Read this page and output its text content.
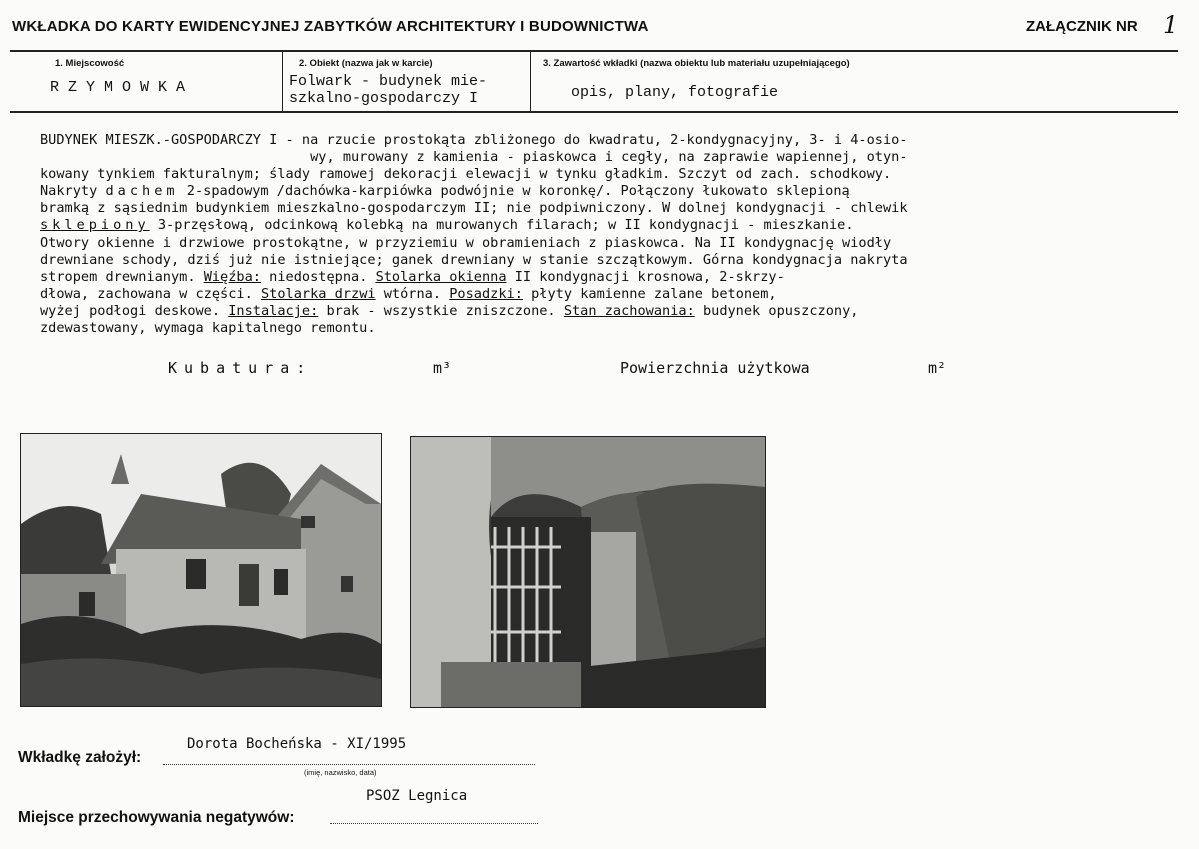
WKŁADKA DO KARTY EWIDENCYJNEJ ZABYTKÓW ARCHITEKTURY I BUDOWNICTWA	ZAŁĄCZNIK NR 1
1. Miejscowość
RZYMOWKA
2. Obiekt (nazwa jak w karcie)
Folwark - budynek mie-
szkalno-gospodarczy I
3. Zawartość wkładki (nazwa obiektu lub materiału uzupełniającego)
opis, plany, fotografie

BUDYNEK MIESZK.-GOSPODARCZY I - na rzucie prostokąta zbliżonego do kwadratu, 2-kondygnacyjny, 3- i 4-osio-

wy, murowany z kamienia - piaskowca i cegły, na zaprawie wapiennej, otyn-

kowany tynkiem fakturalnym; ślady ramowej dekoracji elewacji w tynku gładkim. Szczyt od zach. schodkowy.

Nakryty dachem 2-spadowym /dachówka-karpiówka podwójnie w koronkę/. Połączony łukowato sklepioną

bramką z sąsiednim budynkiem mieszkalno-gospodarczym II; nie podpiwniczony. W dolnej kondygnacji - chlewik

sklepiony 3-przęsłową, odcinkową kolebką na murowanych filarach; w II kondygnacji - mieszkanie.

Otwory okienne i drzwiowe prostokątne, w przyziemiu w obramieniach z piaskowca. Na II kondygnację wiodły

drewniane schody, dziś już nie istniejące; ganek drewniany w stanie szczątkowym. Górna kondygnacja nakryta

stropem drewnianym. Więźba: niedostępna. Stolarka okienna II kondygnacji krosnowa, 2-skrzy-

dłowa, zachowana w części. Stolarka drzwi wtórna. Posadzki: płyty kamienne zalane betonem,

wyżej podłogi deskowe. Instalacje: brak - wszystkie zniszczone. Stan zachowania: budynek opuszczony,

zdewastowany, wymaga kapitalnego remontu.

Kubatura:	m³	Powierzchnia użytkowa	m²
Wkładkę założył:
Dorota Bocheńska - XI/1995
(imię, nazwisko, data)
Miejsce przechowywania negatywów:
PSOZ Legnica
